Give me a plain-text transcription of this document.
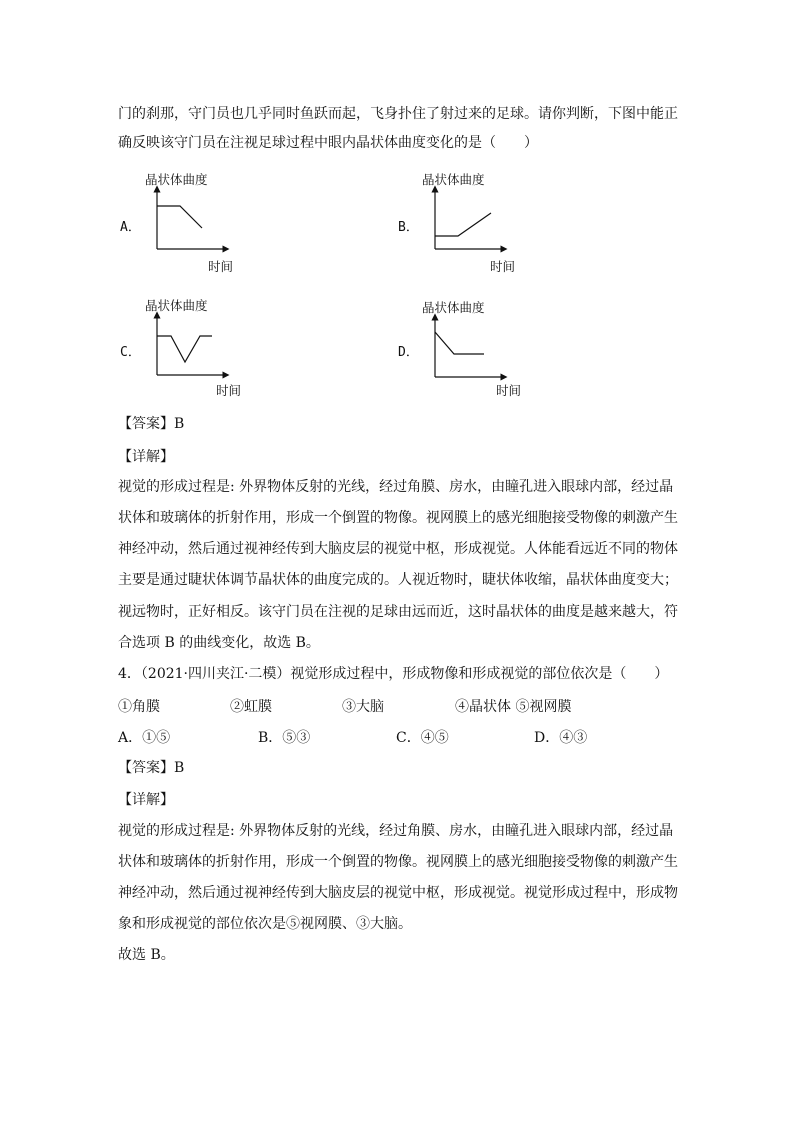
门的刹那，守门员也几乎同时鱼跃而起，飞身扑住了射过来的足球。请你判断，下图中能正
确反映该守门员在注视足球过程中眼内晶状体曲度变化的是（　　）
晶状体曲度
A．
时间
晶状体曲度
B．
时间
晶状体曲度
C．
时间
晶状体曲度
D．
时间
【答案】B
【详解】
视觉的形成过程是: 外界物体反射的光线，经过角膜、房水，由瞳孔进入眼球内部，经过晶
状体和玻璃体的折射作用，形成一个倒置的物像。视网膜上的感光细胞接受物像的刺激产生
神经冲动，然后通过视神经传到大脑皮层的视觉中枢，形成视觉。人体能看远近不同的物体
主要是通过睫状体调节晶状体的曲度完成的。人视近物时，睫状体收缩，晶状体曲度变大；
视远物时，正好相反。该守门员在注视的足球由远而近，这时晶状体的曲度是越来越大，符
合选项 B 的曲线变化，故选 B。
4．（2021·四川夹江·二模）视觉形成过程中，形成物像和形成视觉的部位依次是（　　）
①角膜	②虹膜	③大脑	④晶状体 ⑤视网膜
A．①⑤	B．⑤③	C．④⑤	D．④③
【答案】B
【详解】
视觉的形成过程是: 外界物体反射的光线，经过角膜、房水，由瞳孔进入眼球内部，经过晶
状体和玻璃体的折射作用，形成一个倒置的物像。视网膜上的感光细胞接受物像的刺激产生
神经冲动，然后通过视神经传到大脑皮层的视觉中枢，形成视觉。视觉形成过程中，形成物
象和形成视觉的部位依次是⑤视网膜、③大脑。
故选 B。
